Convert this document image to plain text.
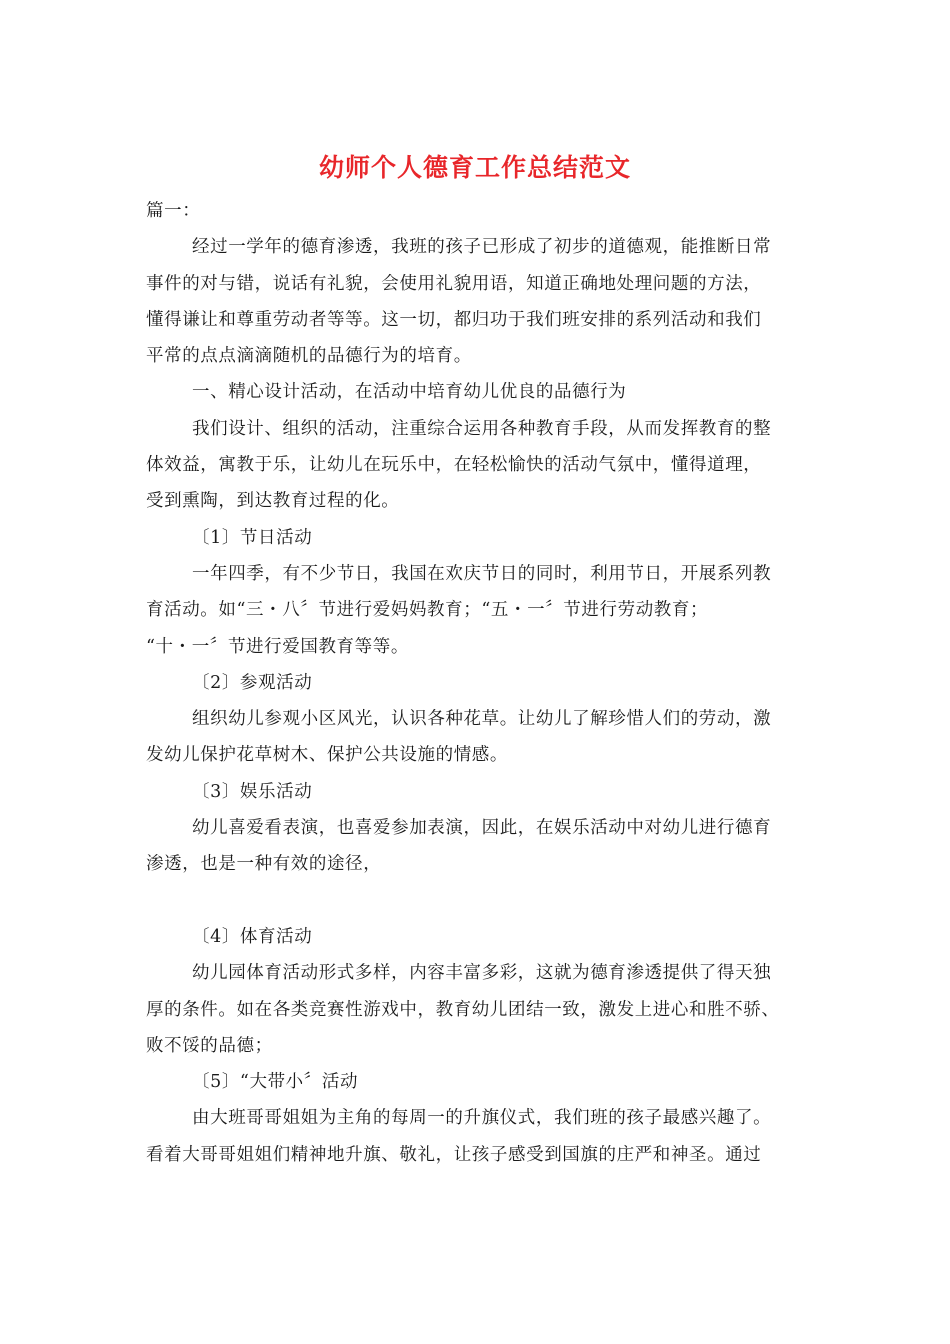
幼师个人德育工作总结范文
篇一：
经过一学年的德育渗透，我班的孩子已形成了初步的道德观，能推断日常
事件的对与错，说话有礼貌，会使用礼貌用语，知道正确地处理问题的方法，
懂得谦让和尊重劳动者等等。这一切，都归功于我们班安排的系列活动和我们
平常的点点滴滴随机的品德行为的培育。
一、精心设计活动，在活动中培育幼儿优良的品德行为
我们设计、组织的活动，注重综合运用各种教育手段，从而发挥教育的整
体效益，寓教于乐，让幼儿在玩乐中，在轻松愉快的活动气氛中，懂得道理，
受到熏陶，到达教育过程的化。
〔1〕节日活动
一年四季，有不少节日，我国在欢庆节日的同时，利用节日，开展系列教
育活动。如“三・八〞节进行爱妈妈教育；“五・一〞节进行劳动教育；
“十・一〞节进行爱国教育等等。
〔2〕参观活动
组织幼儿参观小区风光，认识各种花草。让幼儿了解珍惜人们的劳动，激
发幼儿保护花草树木、保护公共设施的情感。
〔3〕娱乐活动
幼儿喜爱看表演，也喜爱参加表演，因此，在娱乐活动中对幼儿进行德育
渗透，也是一种有效的途径，
〔4〕体育活动
幼儿园体育活动形式多样，内容丰富多彩，这就为德育渗透提供了得天独
厚的条件。如在各类竞赛性游戏中，教育幼儿团结一致，激发上进心和胜不骄、
败不馁的品德；
〔5〕“大带小〞活动
由大班哥哥姐姐为主角的每周一的升旗仪式，我们班的孩子最感兴趣了。
看着大哥哥姐姐们精神地升旗、敬礼，让孩子感受到国旗的庄严和神圣。通过
